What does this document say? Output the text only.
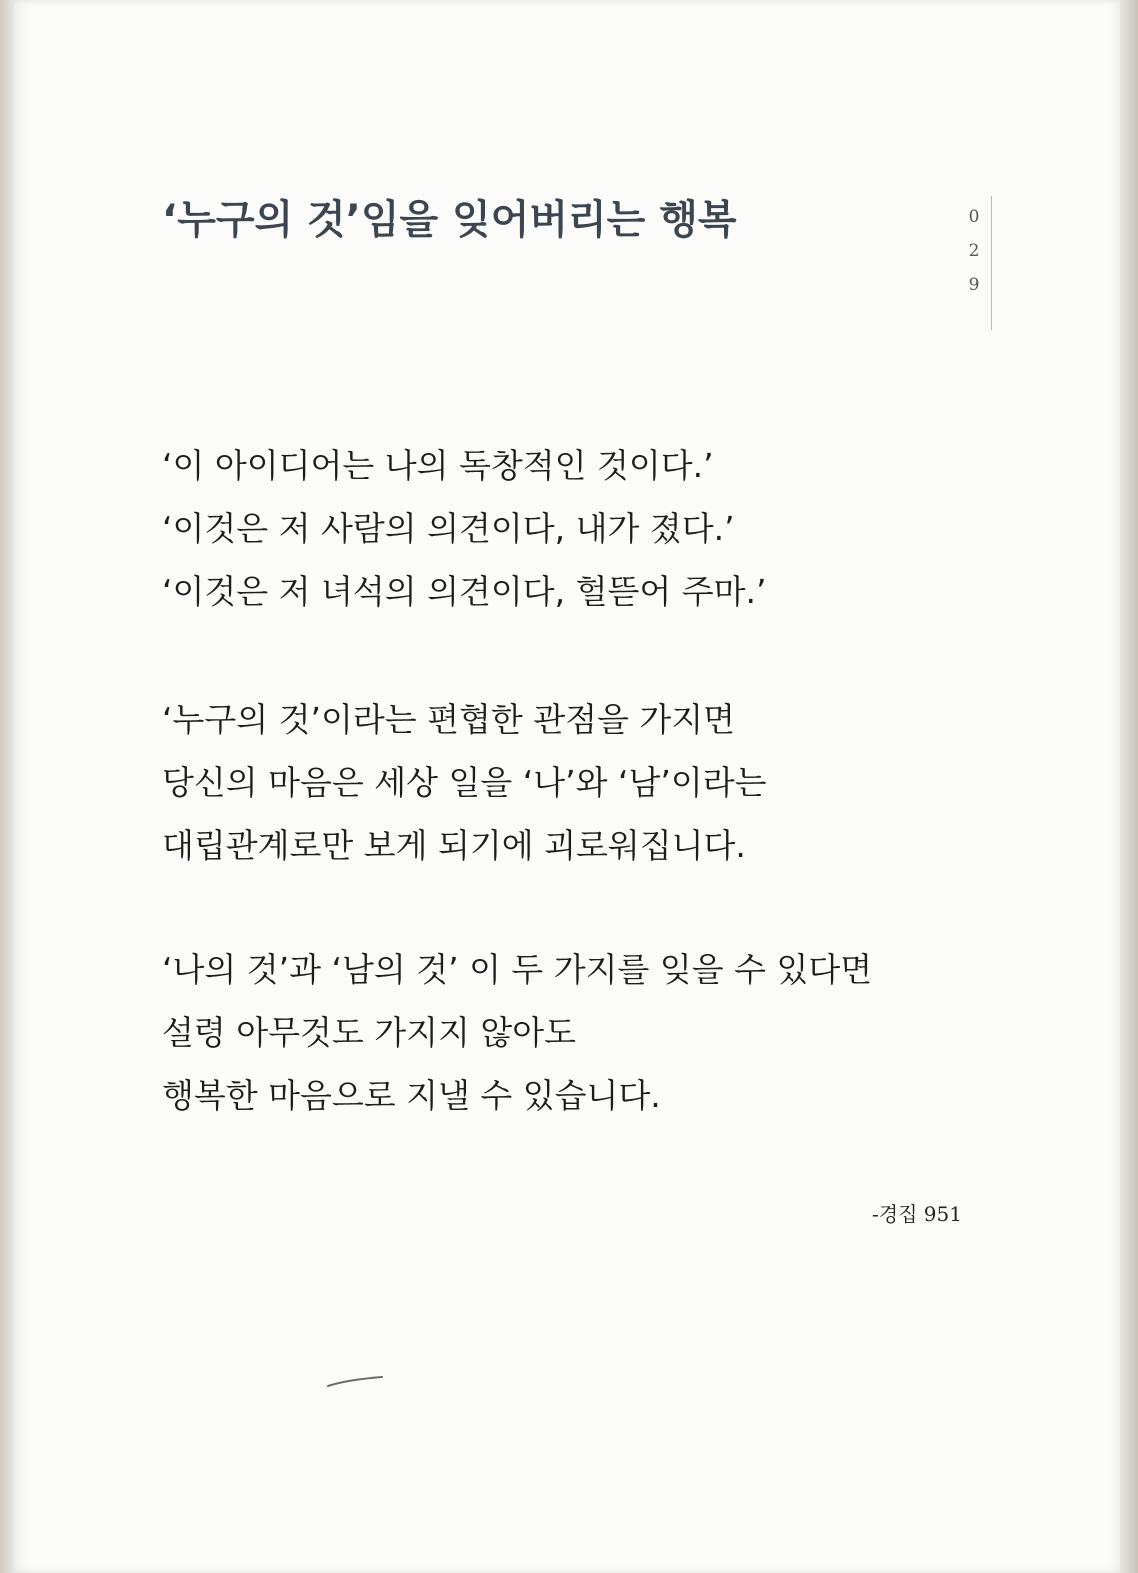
‘누구의 것’임을 잊어버리는 행복	0
2
9

‘이 아이디어는 나의 독창적인 것이다.’
‘이것은 저 사람의 의견이다, 내가 졌다.’
‘이것은 저 녀석의 의견이다, 헐뜯어 주마.’

‘누구의 것’이라는 편협한 관점을 가지면
당신의 마음은 세상 일을 ‘나’와 ‘남’이라는
대립관계로만 보게 되기에 괴로워집니다.

‘나의 것’과 ‘남의 것’ 이 두 가지를 잊을 수 있다면
설령 아무것도 가지지 않아도
행복한 마음으로 지낼 수 있습니다.

-경집 951
